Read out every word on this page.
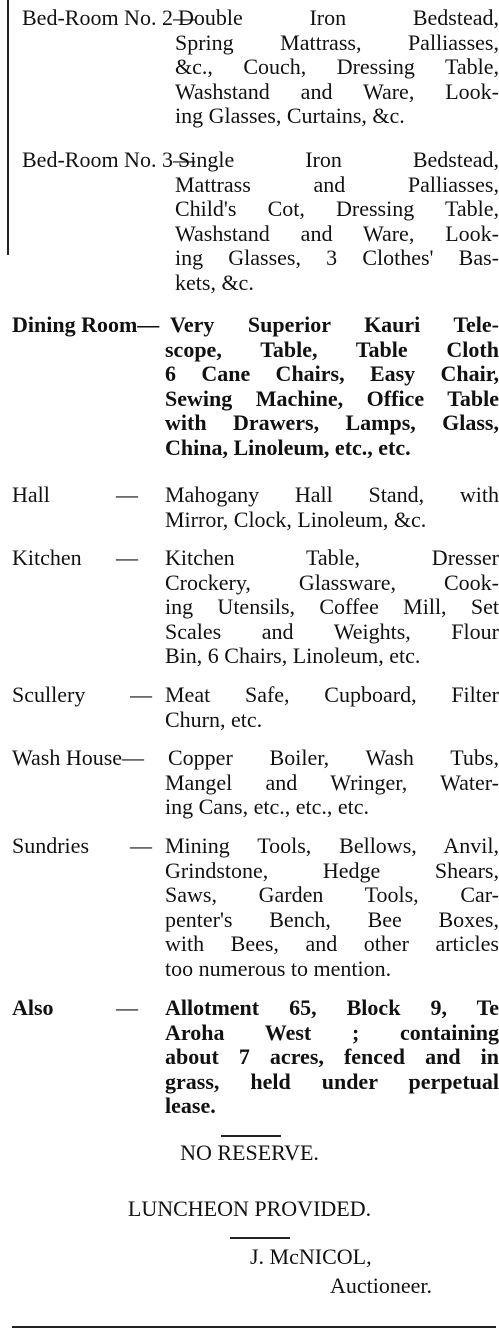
Bed-Room No. 2—
Double Iron Bedstead,
Spring Mattrass, Palliasses,
&c., Couch, Dressing Table,
Washstand and Ware, Look-
ing Glasses, Curtains, &c.
Bed-Room No. 3—
Single Iron Bedstead,
Mattrass and Palliasses,
Child's Cot, Dressing Table,
Washstand and Ware, Look-
ing Glasses, 3 Clothes' Bas-
kets, &c.
Dining Room— Very Superior Kauri Tele-
scope, Table, Table Cloth
6 Cane Chairs, Easy Chair,
Sewing Machine, Office Table
with Drawers, Lamps, Glass,
China, Linoleum, etc., etc.
Hall	— Mahogany Hall Stand, with
Mirror, Clock, Linoleum, &c.
Kitchen — Kitchen Table, Dresser
Crockery, Glassware, Cook-
ing Utensils, Coffee Mill, Set
Scales and Weights, Flour
Bin, 6 Chairs, Linoleum, etc.
Scullery — Meat Safe, Cupboard, Filter
Churn, etc.
Wash House— Copper Boiler, Wash Tubs,
Mangel and Wringer, Water-
ing Cans, etc., etc., etc.
Sundries — Mining Tools, Bellows, Anvil,
Grindstone, Hedge Shears,
Saws, Garden Tools, Car-
penter's Bench, Bee Boxes,
with Bees, and other articles
too numerous to mention.
Also	— Allotment 65, Block 9, Te
Aroha West ; containing
about 7 acres, fenced and in
grass, held under perpetual
lease.
NO RESERVE.
LUNCHEON PROVIDED.
J. McNICOL,
Auctioneer.
